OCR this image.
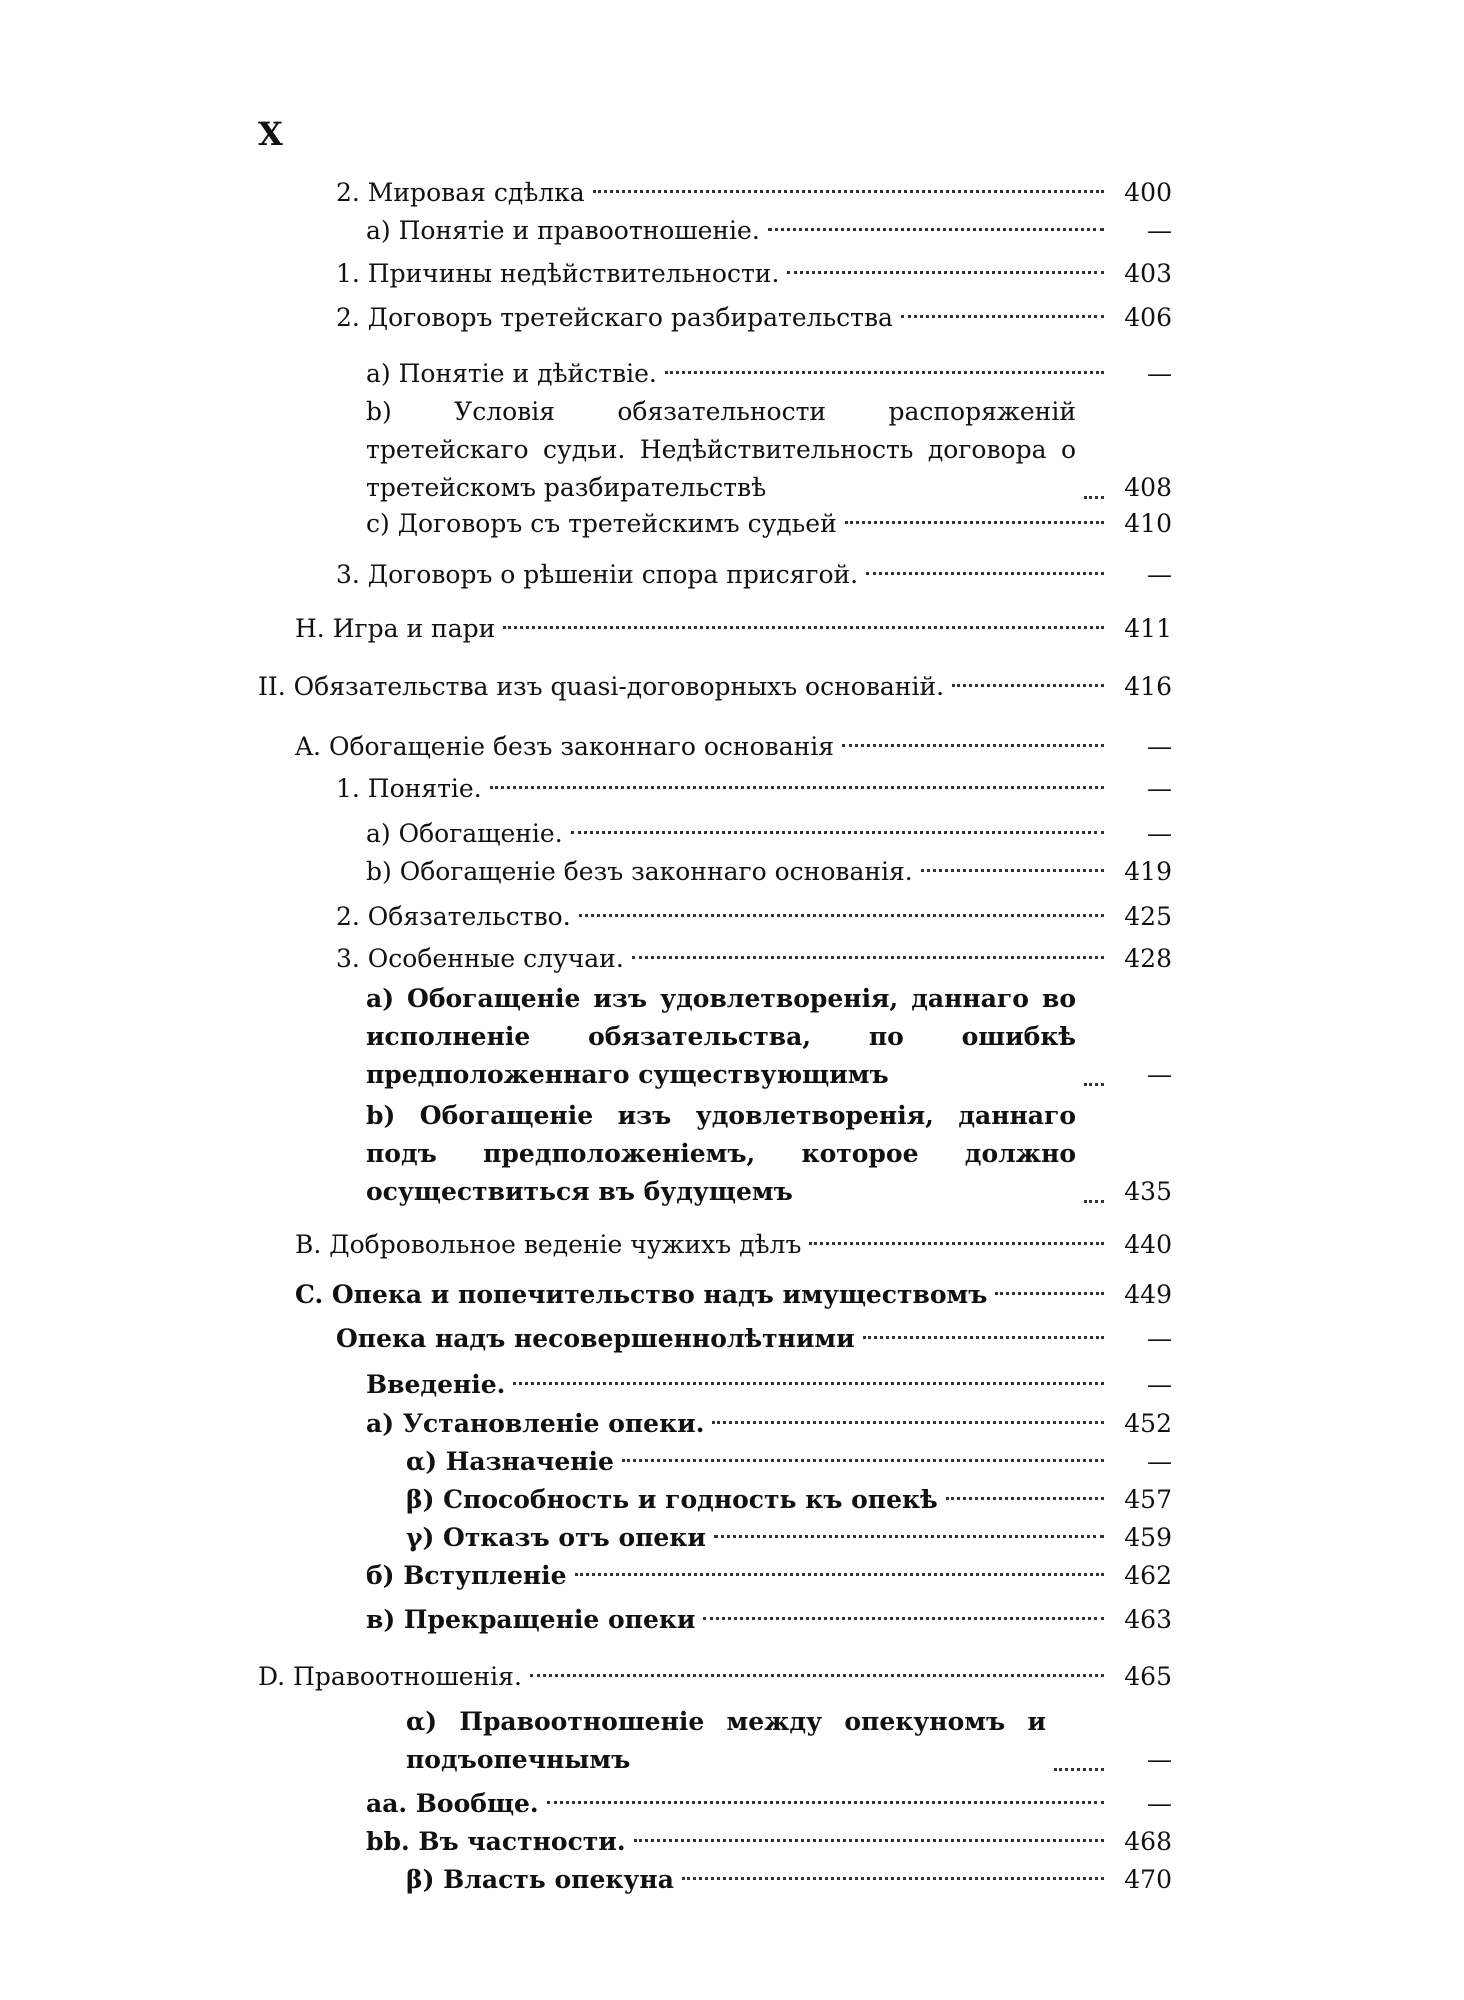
X
2. Мировая сдѣлка	400
a) Понятіе и правоотношеніе.	—
1. Причины недѣйствительности.	403
2. Договоръ третейскаго разбирательства	406
a) Понятіе и дѣйствіе.	—
b) Условія обязательности распоряженій третейскаго судьи. Недѣйствительность договора о третейскомъ разбирательствѣ	408
c) Договоръ съ третейскимъ судьей	410
3. Договоръ о рѣшеніи спора присягой.	—
H. Игра и пари	411
II. Обязательства изъ quasi-договорныхъ основаній.	416
A. Обогащеніе безъ законнаго основанія	—
1. Понятіе.	—
a) Обогащеніе.	—
b) Обогащеніе безъ законнаго основанія.	419
2. Обязательство.	425
3. Особенные случаи.	428
a) Обогащеніе изъ удовлетворенія, даннаго во исполненіе обязательства, по ошибкѣ предположеннаго существующимъ	—
b) Обогащеніе изъ удовлетворенія, даннаго подъ предположеніемъ, которое должно осуществиться въ будущемъ	435
B. Добровольное веденіе чужихъ дѣлъ	440
C. Опека и попечительство надъ имуществомъ	449
Опека надъ несовершеннолѣтними	—
Введеніе.	—
a) Установленіе опеки.	452
α) Назначеніе	—
β) Способность и годность къ опекѣ	457
γ) Отказъ отъ опеки	459
б) Вступленіе	462
в) Прекращеніе опеки	463
D. Правоотношенія.	465
α) Правоотношеніе между опекуномъ и подъопечнымъ	—
aa. Вообще.	—
bb. Въ частности.	468
β) Власть опекуна	470
